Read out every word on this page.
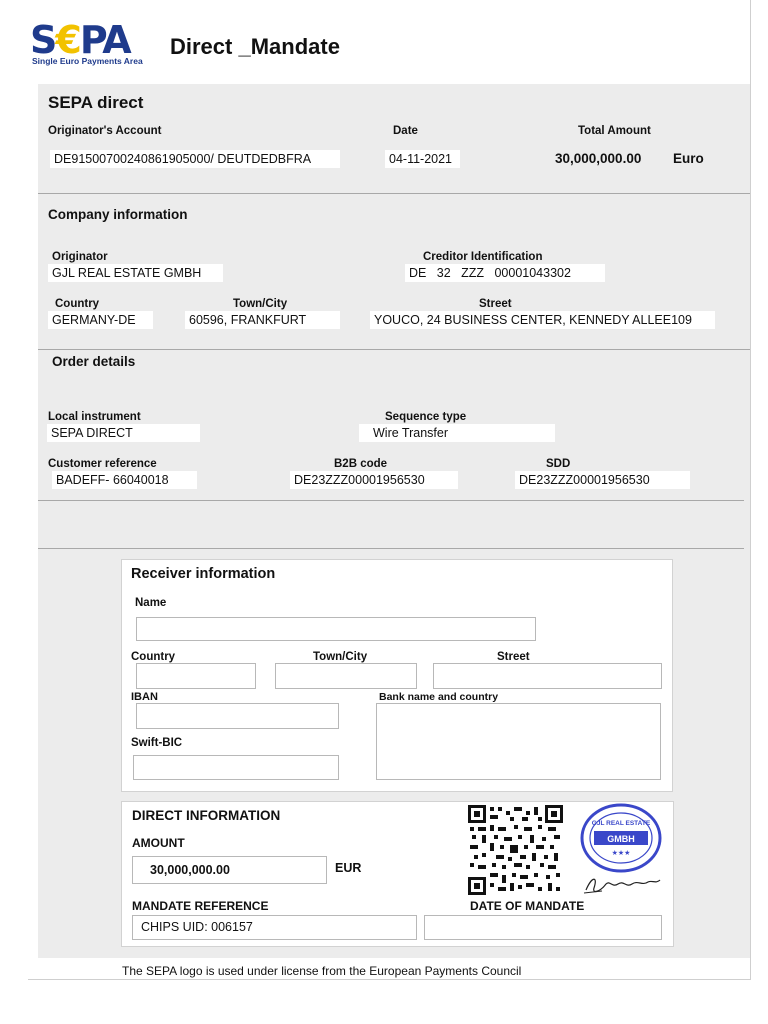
S€PA
Single Euro Payments Area
Direct _Mandate
SEPA direct
Originator's Account	Date	Total Amount
DE91500700240861905000/ DEUTDEDBFRA	04-11-2021	30,000,000.00 Euro
Company information
Originator
GJL REAL ESTATE GMBH
Creditor Identification
DE 32 ZZZ 00001043302
Country	Town/City	Street
GERMANY-DE	60596, FRANKFURT	YOUCO, 24 BUSINESS CENTER, KENNEDY ALLEE109
Order details
Local instrument
SEPA DIRECT
Sequence type
Wire Transfer
Customer reference	B2B code	SDD
BADEFF- 66040018	DE23ZZZ00001956530	DE23ZZZ00001956530
Receiver information
Name
Country	Town/City	Street
IBAN	Bank name and country
Swift-BIC
DIRECT INFORMATION
AMOUNT
30,000,000.00	EUR
GMBH
GJL REAL ESTATE
★★★
MANDATE REFERENCE	DATE OF MANDATE
CHIPS UID: 006157
The SEPA logo is used under license from the European Payments Council
